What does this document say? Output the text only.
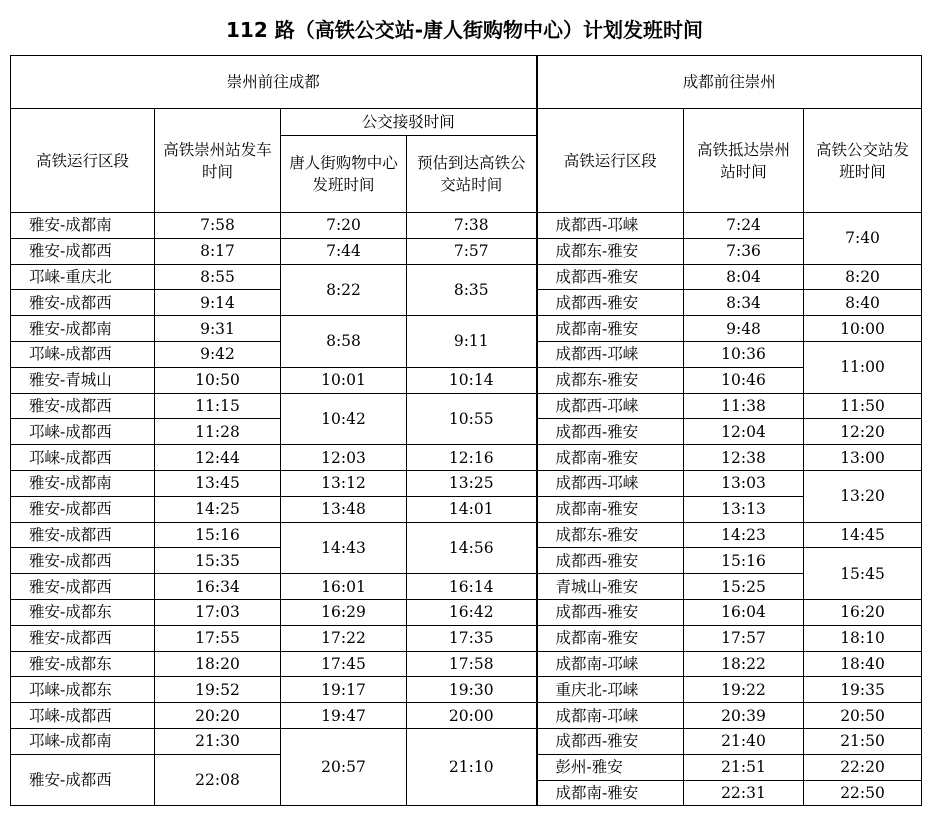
112 路（高铁公交站-唐人街购物中心）计划发班时间
崇州前往成都				成都前往崇州		
高铁运行区段	高铁崇州站发车时间	公交接驳时间		高铁运行区段	高铁抵达崇州站时间	高铁公交站发班时间
		唐人街购物中心发班时间	预估到达高铁公交站时间			
雅安-成都南	7:58	7:20	7:38	成都西-邛崃	7:24	7:40
雅安-成都西	8:17	7:44	7:57	成都东-雅安	7:36	
邛崃-重庆北	8:55	8:22	8:35	成都西-雅安	8:04	8:20
雅安-成都西	9:14			成都西-雅安	8:34	8:40
雅安-成都南	9:31	8:58	9:11	成都南-雅安	9:48	10:00
邛崃-成都西	9:42			成都西-邛崃	10:36	11:00
雅安-青城山	10:50	10:01	10:14	成都东-雅安	10:46	
雅安-成都西	11:15	10:42	10:55	成都西-邛崃	11:38	11:50
邛崃-成都西	11:28			成都西-雅安	12:04	12:20
邛崃-成都西	12:44	12:03	12:16	成都南-雅安	12:38	13:00
雅安-成都南	13:45	13:12	13:25	成都西-邛崃	13:03	13:20
雅安-成都西	14:25	13:48	14:01	成都南-雅安	13:13	
雅安-成都西	15:16	14:43	14:56	成都东-雅安	14:23	14:45
雅安-成都西	15:35			成都西-雅安	15:16	15:45
雅安-成都西	16:34	16:01	16:14	青城山-雅安	15:25	
雅安-成都东	17:03	16:29	16:42	成都西-雅安	16:04	16:20
雅安-成都西	17:55	17:22	17:35	成都南-雅安	17:57	18:10
雅安-成都东	18:20	17:45	17:58	成都南-邛崃	18:22	18:40
邛崃-成都东	19:52	19:17	19:30	重庆北-邛崃	19:22	19:35
邛崃-成都西	20:20	19:47	20:00	成都南-邛崃	20:39	20:50
邛崃-成都南	21:30	20:57	21:10	成都西-雅安	21:40	21:50
雅安-成都西	22:08			彭州-雅安	21:51	22:20
				成都南-雅安	22:31	22:50
